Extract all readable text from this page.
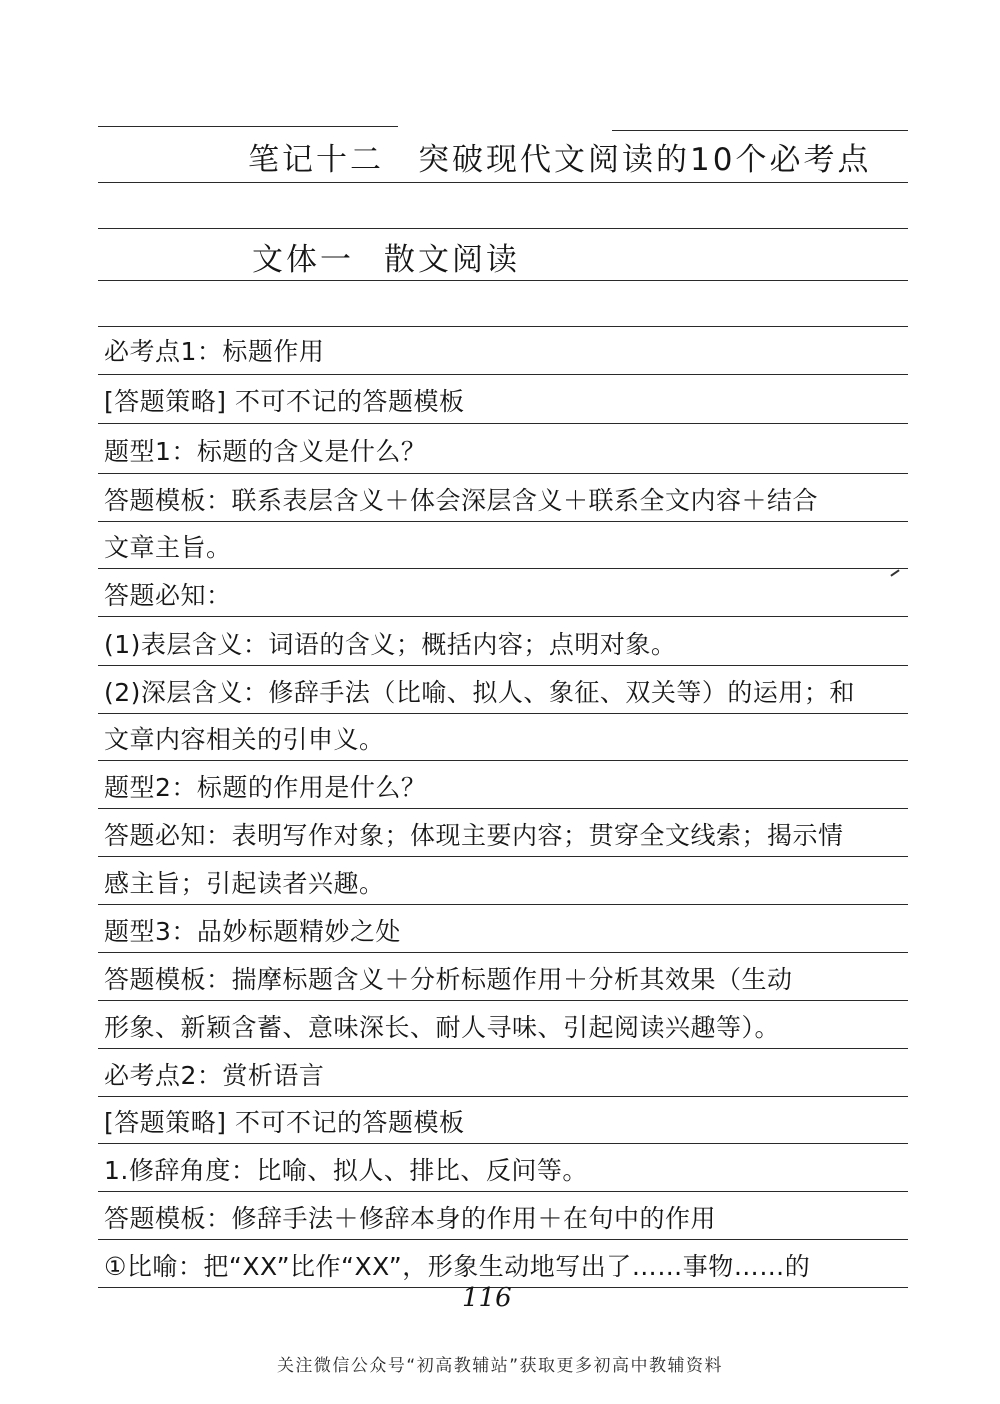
笔记十二 突破现代文阅读的10个必考点
文体一 散文阅读
必考点1：标题作用
[答题策略] 不可不记的答题模板
题型1：标题的含义是什么？
答题模板：联系表层含义＋体会深层含义＋联系全文内容＋结合
文章主旨。
答题必知：
(1)表层含义：词语的含义；概括内容；点明对象。
(2)深层含义：修辞手法（比喻、拟人、象征、双关等）的运用；和
文章内容相关的引申义。
题型2：标题的作用是什么？
答题必知：表明写作对象；体现主要内容；贯穿全文线索；揭示情
感主旨；引起读者兴趣。
题型3：品妙标题精妙之处
答题模板：揣摩标题含义＋分析标题作用＋分析其效果（生动
形象、新颖含蓄、意味深长、耐人寻味、引起阅读兴趣等）。
必考点2：赏析语言
[答题策略] 不可不记的答题模板
1.修辞角度：比喻、拟人、排比、反问等。
答题模板：修辞手法＋修辞本身的作用＋在句中的作用
①比喻：把“XX”比作“XX”，形象生动地写出了……事物……的
116
关注微信公众号“初高教辅站”获取更多初高中教辅资料
